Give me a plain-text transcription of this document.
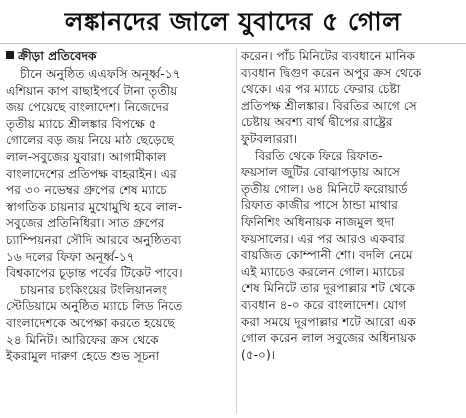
লঙ্কানদের জালে যুবাদের ৫ গোল
ক্রীড়া প্রতিবেদক
চীনে অনুষ্ঠিত এএফসি অনূর্ধ্ব-১৭
এশিয়ান কাপ বাছাইপর্বে টানা তৃতীয়
জয় পেয়েছে বাংলাদেশ। নিজেদের
তৃতীয় ম্যাচে শ্রীলঙ্কার বিপক্ষে ৫
গোলের বড় জয় নিয়ে মাঠ ছেড়েছে
লাল-সবুজের যুবারা। আগামীকাল
বাংলাদেশের প্রতিপক্ষ বাহরাইন। এর
পর ৩০ নভেম্বর গ্রুপের শেষ ম্যাচে
স্বাগতিক চায়নার মুখোমুখি হবে লাল-
সবুজের প্রতিনিধিরা। সাত গ্রুপের
চ্যাম্পিয়নরা সৌদি আরবে অনুষ্ঠিতব্য
১৬ দলের ফিফা অনূর্ধ্ব-১৭
বিশ্বকাপের চূড়ান্ত পর্বের টিকেট পাবে।
চায়নার চংকিংয়ের টংলিয়ানলং
স্টেডিয়ামে অনুষ্ঠিত ম্যাচে লিড নিতে
বাংলাদেশকে অপেক্ষা করতে হয়েছে
২৪ মিনিট। আরিফের ক্রস থেকে
ইকরামুল দারুণ হেডে শুভ সূচনা
করেন। পাঁচ মিনিটের ব্যবধানে মানিক
ব্যবধান দ্বিগুণ করেন অপুর ক্রস থেকে
থেকে। এর পর ম্যাচে ফেরার চেষ্টা
প্রতিপক্ষ শ্রীলঙ্কার। বিরতির আগে সে
চেষ্টায় অবশ্য বার্থ দ্বীপের রাষ্ট্রের
ফুটবলাররা।
বিরতি থেকে ফিরে রিফাত-
ফয়সাল জুটির বোঝাপড়ায় আসে
তৃতীয় গোল। ৬৪ মিনিটে ফরোয়ার্ড
রিফাত কাজীর পাসে ঠান্ডা মাথার
ফিনিশিং অধিনায়ক নাজমুল হুদা
ফয়সালের। এর পর আরও একবার
বায়জিত কোম্পানী শো। বদলি নেমে
এই ম্যাচেও করলেন গোল। ম্যাচের
শেষ মিনিটে তার দূরপাল্লার শট থেকে
ব্যবধান ৪-০ করে বাংলাদেশ। যোগ
করা সময়ে দূরপাল্লার শটে আরো এক
গোল করেন লাল সবুজের অধিনায়ক
(৫-০)।
